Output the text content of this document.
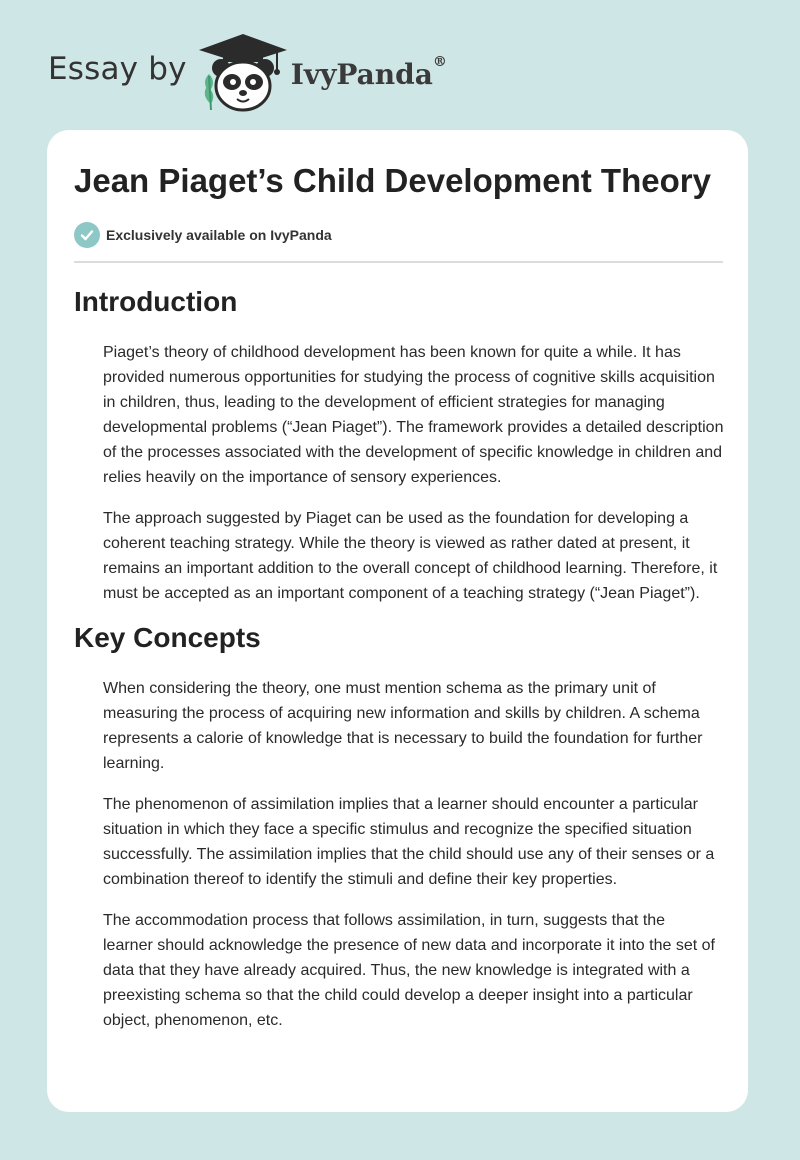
Essay by	IvyPanda®
Jean Piaget’s Child Development Theory
Exclusively available on IvyPanda
Introduction

Piaget’s theory of childhood development has been known for quite a while. It has
provided numerous opportunities for studying the process of cognitive skills acquisition
in children, thus, leading to the development of efficient strategies for managing
developmental problems (“Jean Piaget”). The framework provides a detailed description
of the processes associated with the development of specific knowledge in children and
relies heavily on the importance of sensory experiences.

The approach suggested by Piaget can be used as the foundation for developing a
coherent teaching strategy. While the theory is viewed as rather dated at present, it
remains an important addition to the overall concept of childhood learning. Therefore, it
must be accepted as an important component of a teaching strategy (“Jean Piaget”).

Key Concepts

When considering the theory, one must mention schema as the primary unit of
measuring the process of acquiring new information and skills by children. A schema
represents a calorie of knowledge that is necessary to build the foundation for further
learning.

The phenomenon of assimilation implies that a learner should encounter a particular
situation in which they face a specific stimulus and recognize the specified situation
successfully. The assimilation implies that the child should use any of their senses or a
combination thereof to identify the stimuli and define their key properties.

The accommodation process that follows assimilation, in turn, suggests that the
learner should acknowledge the presence of new data and incorporate it into the set of
data that they have already acquired. Thus, the new knowledge is integrated with a
preexisting schema so that the child could develop a deeper insight into a particular
object, phenomenon, etc.
